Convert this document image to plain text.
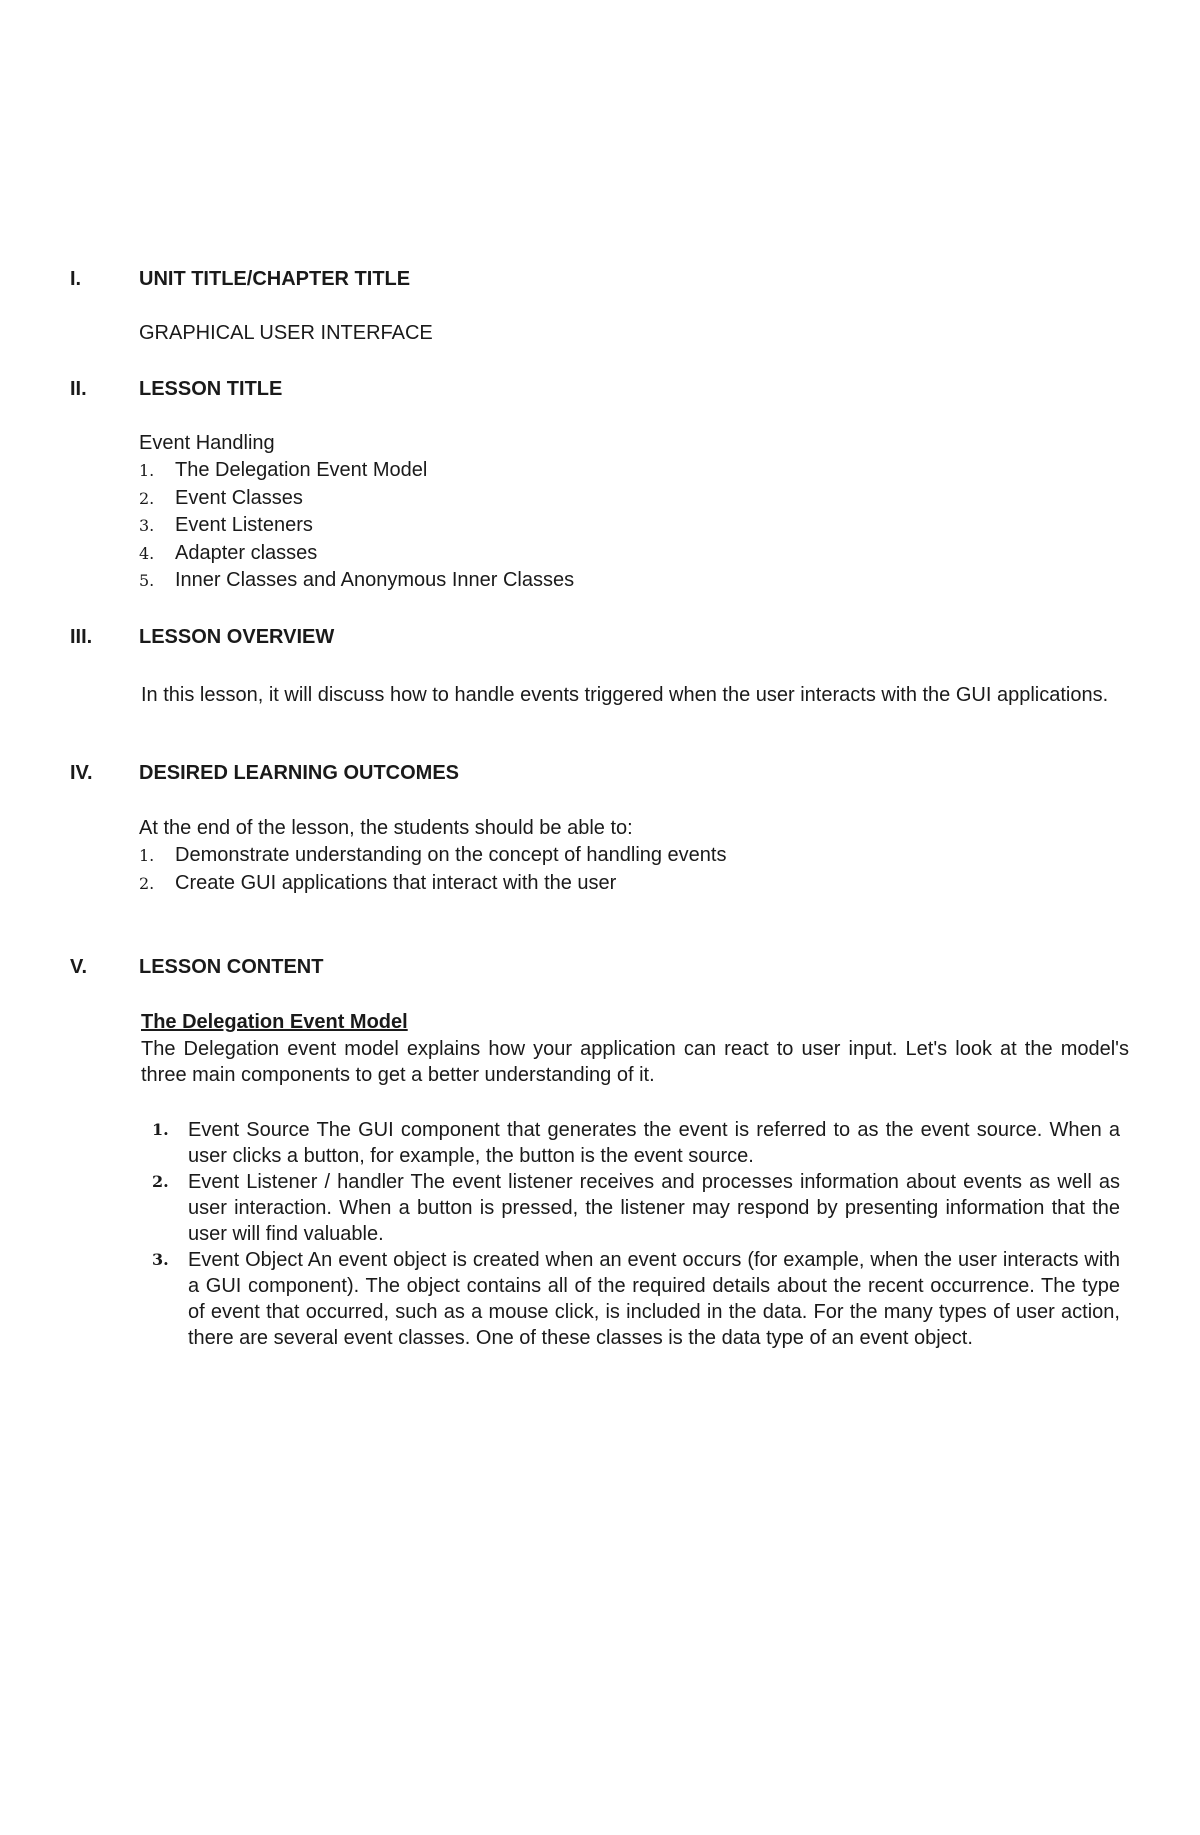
I.	UNIT TITLE/CHAPTER TITLE
GRAPHICAL USER INTERFACE
II.	LESSON TITLE
Event Handling
1. The Delegation Event Model
2. Event Classes
3. Event Listeners
4. Adapter classes
5. Inner Classes and Anonymous Inner Classes
III. LESSON OVERVIEW
In this lesson, it will discuss how to handle events triggered when the user interacts with the GUI applications.
IV. DESIRED LEARNING OUTCOMES
At the end of the lesson, the students should be able to:
1. Demonstrate understanding on the concept of handling events
2. Create GUI applications that interact with the user
V.	LESSON CONTENT
The Delegation Event Model
The Delegation event model explains how your application can react to user input. Let's look at the model's three main components to get a better understanding of it.
1. Event Source The GUI component that generates the event is referred to as the event source. When a user clicks a button, for example, the button is the event source.
2. Event Listener / handler The event listener receives and processes information about events as well as user interaction. When a button is pressed, the listener may respond by presenting information that the user will find valuable.
3. Event Object An event object is created when an event occurs (for example, when the user interacts with a GUI component). The object contains all of the required details about the recent occurrence. The type of event that occurred, such as a mouse click, is included in the data. For the many types of user action, there are several event classes. One of these classes is the data type of an event object.
